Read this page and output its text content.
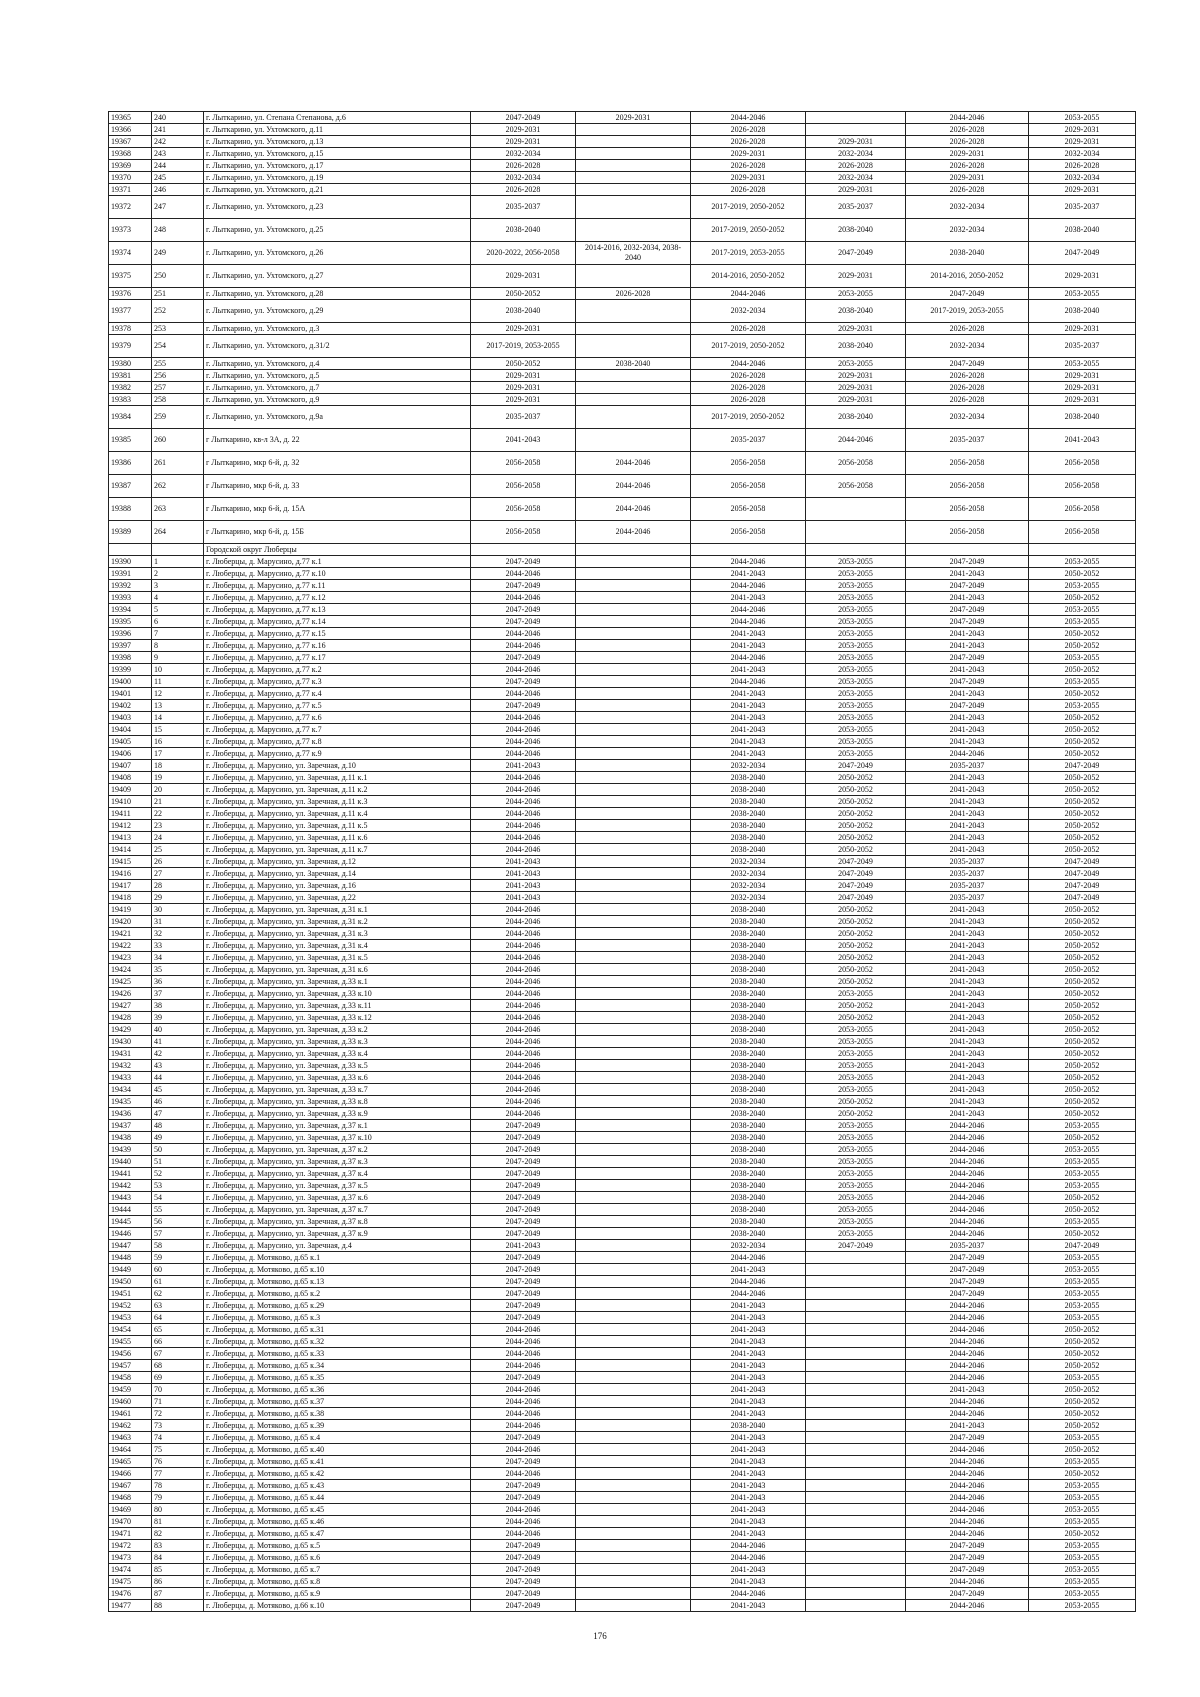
19365	240	г. Лыткарино, ул. Степана Степанова, д.6	2047-2049	2029-2031	2044-2046		2044-2046	2053-2055
19366	241	г. Лыткарино, ул. Ухтомского, д.11	2029-2031		2026-2028		2026-2028	2029-2031
19367	242	г. Лыткарино, ул. Ухтомского, д.13	2029-2031		2026-2028	2029-2031	2026-2028	2029-2031
19368	243	г. Лыткарино, ул. Ухтомского, д.15	2032-2034		2029-2031	2032-2034	2029-2031	2032-2034
19369	244	г. Лыткарино, ул. Ухтомского, д.17	2026-2028		2026-2028	2026-2028	2026-2028	2026-2028
19370	245	г. Лыткарино, ул. Ухтомского, д.19	2032-2034		2029-2031	2032-2034	2029-2031	2032-2034
19371	246	г. Лыткарино, ул. Ухтомского, д.21	2026-2028		2026-2028	2029-2031	2026-2028	2029-2031
19372	247	г. Лыткарино, ул. Ухтомского, д.23	2035-2037		2017-2019, 2050-2052	2035-2037	2032-2034	2035-2037
19373	248	г. Лыткарино, ул. Ухтомского, д.25	2038-2040		2017-2019, 2050-2052	2038-2040	2032-2034	2038-2040
19374	249	г. Лыткарино, ул. Ухтомского, д.26	2020-2022, 2056-2058	2014-2016, 2032-2034, 2038-2040	2017-2019, 2053-2055	2047-2049	2038-2040	2047-2049
19375	250	г. Лыткарино, ул. Ухтомского, д.27	2029-2031		2014-2016, 2050-2052	2029-2031	2014-2016, 2050-2052	2029-2031
19376	251	г. Лыткарино, ул. Ухтомского, д.28	2050-2052	2026-2028	2044-2046	2053-2055	2047-2049	2053-2055
19377	252	г. Лыткарино, ул. Ухтомского, д.29	2038-2040		2032-2034	2038-2040	2017-2019, 2053-2055	2038-2040
19378	253	г. Лыткарино, ул. Ухтомского, д.3	2029-2031		2026-2028	2029-2031	2026-2028	2029-2031
19379	254	г. Лыткарино, ул. Ухтомского, д.31/2	2017-2019, 2053-2055		2017-2019, 2050-2052	2038-2040	2032-2034	2035-2037
19380	255	г. Лыткарино, ул. Ухтомского, д.4	2050-2052	2038-2040	2044-2046	2053-2055	2047-2049	2053-2055
19381	256	г. Лыткарино, ул. Ухтомского, д.5	2029-2031		2026-2028	2029-2031	2026-2028	2029-2031
19382	257	г. Лыткарино, ул. Ухтомского, д.7	2029-2031		2026-2028	2029-2031	2026-2028	2029-2031
19383	258	г. Лыткарино, ул. Ухтомского, д.9	2029-2031		2026-2028	2029-2031	2026-2028	2029-2031
19384	259	г. Лыткарино, ул. Ухтомского, д.9а	2035-2037		2017-2019, 2050-2052	2038-2040	2032-2034	2038-2040
19385	260	г Лыткарино, кв-л 3А, д. 22	2041-2043		2035-2037	2044-2046	2035-2037	2041-2043
19386	261	г Лыткарино, мкр 6-й, д. 32	2056-2058	2044-2046	2056-2058	2056-2058	2056-2058	2056-2058
19387	262	г Лыткарино, мкр 6-й, д. 33	2056-2058	2044-2046	2056-2058	2056-2058	2056-2058	2056-2058
19388	263	г Лыткарино, мкр 6-й, д. 15А	2056-2058	2044-2046	2056-2058		2056-2058	2056-2058
19389	264	г Лыткарино, мкр 6-й, д. 15Б	2056-2058	2044-2046	2056-2058		2056-2058	2056-2058
		Городской округ Люберцы						
19390	1	г. Люберцы, д. Марусино, д.77 к.1	2047-2049		2044-2046	2053-2055	2047-2049	2053-2055
19391	2	г. Люберцы, д. Марусино, д.77 к.10	2044-2046		2041-2043	2053-2055	2041-2043	2050-2052
19392	3	г. Люберцы, д. Марусино, д.77 к.11	2047-2049		2044-2046	2053-2055	2047-2049	2053-2055
19393	4	г. Люберцы, д. Марусино, д.77 к.12	2044-2046		2041-2043	2053-2055	2041-2043	2050-2052
19394	5	г. Люберцы, д. Марусино, д.77 к.13	2047-2049		2044-2046	2053-2055	2047-2049	2053-2055
19395	6	г. Люберцы, д. Марусино, д.77 к.14	2047-2049		2044-2046	2053-2055	2047-2049	2053-2055
19396	7	г. Люберцы, д. Марусино, д.77 к.15	2044-2046		2041-2043	2053-2055	2041-2043	2050-2052
19397	8	г. Люберцы, д. Марусино, д.77 к.16	2044-2046		2041-2043	2053-2055	2041-2043	2050-2052
19398	9	г. Люберцы, д. Марусино, д.77 к.17	2047-2049		2044-2046	2053-2055	2047-2049	2053-2055
19399	10	г. Люберцы, д. Марусино, д.77 к.2	2044-2046		2041-2043	2053-2055	2041-2043	2050-2052
19400	11	г. Люберцы, д. Марусино, д.77 к.3	2047-2049		2044-2046	2053-2055	2047-2049	2053-2055
19401	12	г. Люберцы, д. Марусино, д.77 к.4	2044-2046		2041-2043	2053-2055	2041-2043	2050-2052
19402	13	г. Люберцы, д. Марусино, д.77 к.5	2047-2049		2041-2043	2053-2055	2047-2049	2053-2055
19403	14	г. Люберцы, д. Марусино, д.77 к.6	2044-2046		2041-2043	2053-2055	2041-2043	2050-2052
19404	15	г. Люберцы, д. Марусино, д.77 к.7	2044-2046		2041-2043	2053-2055	2041-2043	2050-2052
19405	16	г. Люберцы, д. Марусино, д.77 к.8	2044-2046		2041-2043	2053-2055	2041-2043	2050-2052
19406	17	г. Люберцы, д. Марусино, д.77 к.9	2044-2046		2041-2043	2053-2055	2044-2046	2050-2052
19407	18	г. Люберцы, д. Марусино, ул. Заречная, д.10	2041-2043		2032-2034	2047-2049	2035-2037	2047-2049
19408	19	г. Люберцы, д. Марусино, ул. Заречная, д.11 к.1	2044-2046		2038-2040	2050-2052	2041-2043	2050-2052
19409	20	г. Люберцы, д. Марусино, ул. Заречная, д.11 к.2	2044-2046		2038-2040	2050-2052	2041-2043	2050-2052
19410	21	г. Люберцы, д. Марусино, ул. Заречная, д.11 к.3	2044-2046		2038-2040	2050-2052	2041-2043	2050-2052
19411	22	г. Люберцы, д. Марусино, ул. Заречная, д.11 к.4	2044-2046		2038-2040	2050-2052	2041-2043	2050-2052
19412	23	г. Люберцы, д. Марусино, ул. Заречная, д.11 к.5	2044-2046		2038-2040	2050-2052	2041-2043	2050-2052
19413	24	г. Люберцы, д. Марусино, ул. Заречная, д.11 к.6	2044-2046		2038-2040	2050-2052	2041-2043	2050-2052
19414	25	г. Люберцы, д. Марусино, ул. Заречная, д.11 к.7	2044-2046		2038-2040	2050-2052	2041-2043	2050-2052
19415	26	г. Люберцы, д. Марусино, ул. Заречная, д.12	2041-2043		2032-2034	2047-2049	2035-2037	2047-2049
19416	27	г. Люберцы, д. Марусино, ул. Заречная, д.14	2041-2043		2032-2034	2047-2049	2035-2037	2047-2049
19417	28	г. Люберцы, д. Марусино, ул. Заречная, д.16	2041-2043		2032-2034	2047-2049	2035-2037	2047-2049
19418	29	г. Люберцы, д. Марусино, ул. Заречная, д.22	2041-2043		2032-2034	2047-2049	2035-2037	2047-2049
19419	30	г. Люберцы, д. Марусино, ул. Заречная, д.31 к.1	2044-2046		2038-2040	2050-2052	2041-2043	2050-2052
19420	31	г. Люберцы, д. Марусино, ул. Заречная, д.31 к.2	2044-2046		2038-2040	2050-2052	2041-2043	2050-2052
19421	32	г. Люберцы, д. Марусино, ул. Заречная, д.31 к.3	2044-2046		2038-2040	2050-2052	2041-2043	2050-2052
19422	33	г. Люберцы, д. Марусино, ул. Заречная, д.31 к.4	2044-2046		2038-2040	2050-2052	2041-2043	2050-2052
19423	34	г. Люберцы, д. Марусино, ул. Заречная, д.31 к.5	2044-2046		2038-2040	2050-2052	2041-2043	2050-2052
19424	35	г. Люберцы, д. Марусино, ул. Заречная, д.31 к.6	2044-2046		2038-2040	2050-2052	2041-2043	2050-2052
19425	36	г. Люберцы, д. Марусино, ул. Заречная, д.33 к.1	2044-2046		2038-2040	2050-2052	2041-2043	2050-2052
19426	37	г. Люберцы, д. Марусино, ул. Заречная, д.33 к.10	2044-2046		2038-2040	2053-2055	2041-2043	2050-2052
19427	38	г. Люберцы, д. Марусино, ул. Заречная, д.33 к.11	2044-2046		2038-2040	2050-2052	2041-2043	2050-2052
19428	39	г. Люберцы, д. Марусино, ул. Заречная, д.33 к.12	2044-2046		2038-2040	2050-2052	2041-2043	2050-2052
19429	40	г. Люберцы, д. Марусино, ул. Заречная, д.33 к.2	2044-2046		2038-2040	2053-2055	2041-2043	2050-2052
19430	41	г. Люберцы, д. Марусино, ул. Заречная, д.33 к.3	2044-2046		2038-2040	2053-2055	2041-2043	2050-2052
19431	42	г. Люберцы, д. Марусино, ул. Заречная, д.33 к.4	2044-2046		2038-2040	2053-2055	2041-2043	2050-2052
19432	43	г. Люберцы, д. Марусино, ул. Заречная, д.33 к.5	2044-2046		2038-2040	2053-2055	2041-2043	2050-2052
19433	44	г. Люберцы, д. Марусино, ул. Заречная, д.33 к.6	2044-2046		2038-2040	2053-2055	2041-2043	2050-2052
19434	45	г. Люберцы, д. Марусино, ул. Заречная, д.33 к.7	2044-2046		2038-2040	2053-2055	2041-2043	2050-2052
19435	46	г. Люберцы, д. Марусино, ул. Заречная, д.33 к.8	2044-2046		2038-2040	2050-2052	2041-2043	2050-2052
19436	47	г. Люберцы, д. Марусино, ул. Заречная, д.33 к.9	2044-2046		2038-2040	2050-2052	2041-2043	2050-2052
19437	48	г. Люберцы, д. Марусино, ул. Заречная, д.37 к.1	2047-2049		2038-2040	2053-2055	2044-2046	2053-2055
19438	49	г. Люберцы, д. Марусино, ул. Заречная, д.37 к.10	2047-2049		2038-2040	2053-2055	2044-2046	2050-2052
19439	50	г. Люберцы, д. Марусино, ул. Заречная, д.37 к.2	2047-2049		2038-2040	2053-2055	2044-2046	2053-2055
19440	51	г. Люберцы, д. Марусино, ул. Заречная, д.37 к.3	2047-2049		2038-2040	2053-2055	2044-2046	2053-2055
19441	52	г. Люберцы, д. Марусино, ул. Заречная, д.37 к.4	2047-2049		2038-2040	2053-2055	2044-2046	2053-2055
19442	53	г. Люберцы, д. Марусино, ул. Заречная, д.37 к.5	2047-2049		2038-2040	2053-2055	2044-2046	2053-2055
19443	54	г. Люберцы, д. Марусино, ул. Заречная, д.37 к.6	2047-2049		2038-2040	2053-2055	2044-2046	2050-2052
19444	55	г. Люберцы, д. Марусино, ул. Заречная, д.37 к.7	2047-2049		2038-2040	2053-2055	2044-2046	2050-2052
19445	56	г. Люберцы, д. Марусино, ул. Заречная, д.37 к.8	2047-2049		2038-2040	2053-2055	2044-2046	2053-2055
19446	57	г. Люберцы, д. Марусино, ул. Заречная, д.37 к.9	2047-2049		2038-2040	2053-2055	2044-2046	2050-2052
19447	58	г. Люберцы, д. Марусино, ул. Заречная, д.4	2041-2043		2032-2034	2047-2049	2035-2037	2047-2049
19448	59	г. Люберцы, д. Мотяково, д.65 к.1	2047-2049		2044-2046		2047-2049	2053-2055
19449	60	г. Люберцы, д. Мотяково, д.65 к.10	2047-2049		2041-2043		2047-2049	2053-2055
19450	61	г. Люберцы, д. Мотяково, д.65 к.13	2047-2049		2044-2046		2047-2049	2053-2055
19451	62	г. Люберцы, д. Мотяково, д.65 к.2	2047-2049		2044-2046		2047-2049	2053-2055
19452	63	г. Люберцы, д. Мотяково, д.65 к.29	2047-2049		2041-2043		2044-2046	2053-2055
19453	64	г. Люберцы, д. Мотяково, д.65 к.3	2047-2049		2041-2043		2044-2046	2053-2055
19454	65	г. Люберцы, д. Мотяково, д.65 к.31	2044-2046		2041-2043		2044-2046	2050-2052
19455	66	г. Люберцы, д. Мотяково, д.65 к.32	2044-2046		2041-2043		2044-2046	2050-2052
19456	67	г. Люберцы, д. Мотяково, д.65 к.33	2044-2046		2041-2043		2044-2046	2050-2052
19457	68	г. Люберцы, д. Мотяково, д.65 к.34	2044-2046		2041-2043		2044-2046	2050-2052
19458	69	г. Люберцы, д. Мотяково, д.65 к.35	2047-2049		2041-2043		2044-2046	2053-2055
19459	70	г. Люберцы, д. Мотяково, д.65 к.36	2044-2046		2041-2043		2041-2043	2050-2052
19460	71	г. Люберцы, д. Мотяково, д.65 к.37	2044-2046		2041-2043		2044-2046	2050-2052
19461	72	г. Люберцы, д. Мотяково, д.65 к.38	2044-2046		2041-2043		2044-2046	2050-2052
19462	73	г. Люберцы, д. Мотяково, д.65 к.39	2044-2046		2038-2040		2041-2043	2050-2052
19463	74	г. Люберцы, д. Мотяково, д.65 к.4	2047-2049		2041-2043		2047-2049	2053-2055
19464	75	г. Люберцы, д. Мотяково, д.65 к.40	2044-2046		2041-2043		2044-2046	2050-2052
19465	76	г. Люберцы, д. Мотяково, д.65 к.41	2047-2049		2041-2043		2044-2046	2053-2055
19466	77	г. Люберцы, д. Мотяково, д.65 к.42	2044-2046		2041-2043		2044-2046	2050-2052
19467	78	г. Люберцы, д. Мотяково, д.65 к.43	2047-2049		2041-2043		2044-2046	2053-2055
19468	79	г. Люберцы, д. Мотяково, д.65 к.44	2047-2049		2041-2043		2044-2046	2053-2055
19469	80	г. Люберцы, д. Мотяково, д.65 к.45	2044-2046		2041-2043		2044-2046	2053-2055
19470	81	г. Люберцы, д. Мотяково, д.65 к.46	2044-2046		2041-2043		2044-2046	2053-2055
19471	82	г. Люберцы, д. Мотяково, д.65 к.47	2044-2046		2041-2043		2044-2046	2050-2052
19472	83	г. Люберцы, д. Мотяково, д.65 к.5	2047-2049		2044-2046		2047-2049	2053-2055
19473	84	г. Люберцы, д. Мотяково, д.65 к.6	2047-2049		2044-2046		2047-2049	2053-2055
19474	85	г. Люберцы, д. Мотяково, д.65 к.7	2047-2049		2041-2043		2047-2049	2053-2055
19475	86	г. Люберцы, д. Мотяково, д.65 к.8	2047-2049		2041-2043		2044-2046	2053-2055
19476	87	г. Люберцы, д. Мотяково, д.65 к.9	2047-2049		2044-2046		2047-2049	2053-2055
19477	88	г. Люберцы, д. Мотяково, д.66 к.10	2047-2049		2041-2043		2044-2046	2053-2055
176
